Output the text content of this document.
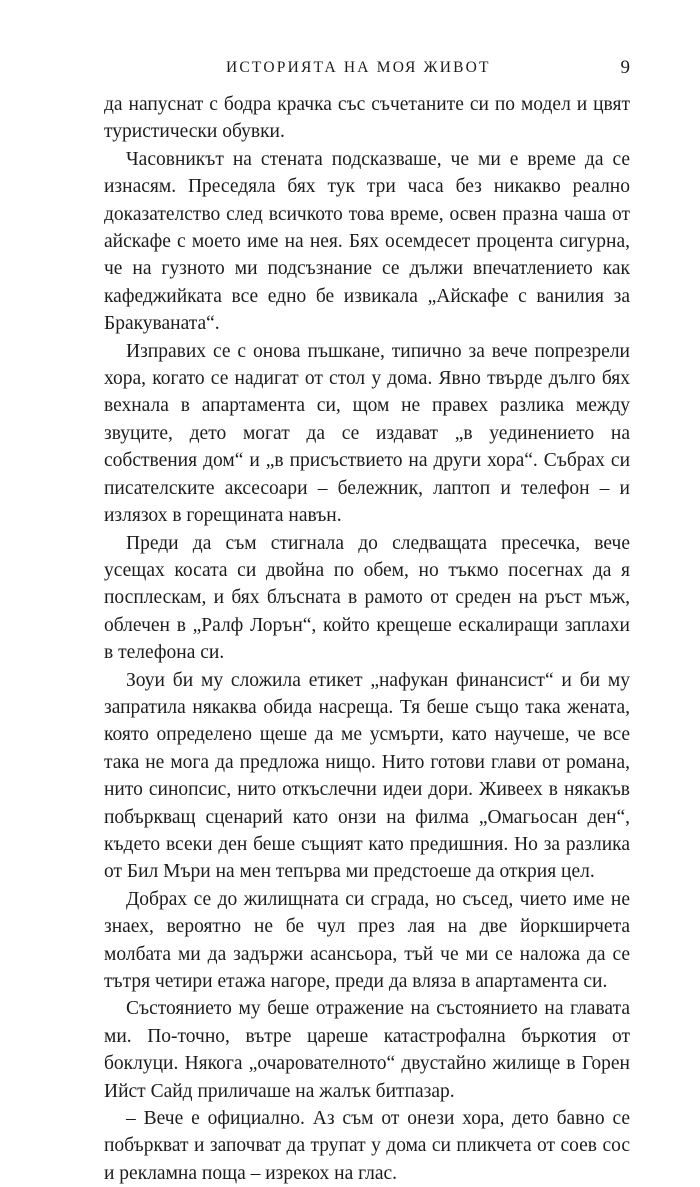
ИСТОРИЯТА НА МОЯ ЖИВОТ	9

да напуснат с бодра крачка със съчетаните си по модел и цвят туристически обувки.

Часовникът на стената подсказваше, че ми е време да се изнасям. Преседяла бях тук три часа без никакво реално доказателство след всичкото това време, освен празна чаша от айскафе с моето име на нея. Бях осемдесет процента сигурна, че на гузното ми подсъзнание се дължи впечатлението как кафеджийката все едно бе извикала „Айскафе с ванилия за Бракуваната“.

Изправих се с онова пъшкане, типично за вече попрезрели хора, когато се надигат от стол у дома. Явно твърде дълго бях вехнала в апартамента си, щом не правех разлика между звуците, дето могат да се издават „в уединението на собствения дом“ и „в присъствието на други хора“. Събрах си писателските аксесоари – бележник, лаптоп и телефон – и излязох в горещината навън.

Преди да съм стигнала до следващата пресечка, вече усещах косата си двойна по обем, но тъкмо посегнах да я посплескам, и бях блъсната в рамото от среден на ръст мъж, облечен в „Ралф Лорън“, който крещеше ескалиращи заплахи в телефона си.

Зоуи би му сложила етикет „нафукан финансист“ и би му запратила някаква обида насреща. Тя беше също така жената, която определено щеше да ме усмърти, като научеше, че все така не мога да предложа нищо. Нито готови глави от романа, нито синопсис, нито откъслечни идеи дори. Живеех в някакъв побъркващ сценарий като онзи на филма „Омагьосан ден“, където всеки ден беше същият като предишния. Но за разлика от Бил Мъри на мен тепърва ми предстоеше да открия цел.

Добрах се до жилищната си сграда, но съсед, чието име не знаех, вероятно не бе чул през лая на две йоркширчета молбата ми да задържи асансьора, тъй че ми се наложа да се тътря четири етажа нагоре, преди да вляза в апартамента си.

Състоянието му беше отражение на състоянието на главата ми. По-точно, вътре цареше катастрофална бъркотия от боклуци. Някога „очарователното“ двустайно жилище в Горен Ийст Сайд приличаше на жалък битпазар.

– Вече е официално. Аз съм от онези хора, дето бавно се побъркват и започват да трупат у дома си пликчета от соев сос и рекламна поща – изрекох на глас.
